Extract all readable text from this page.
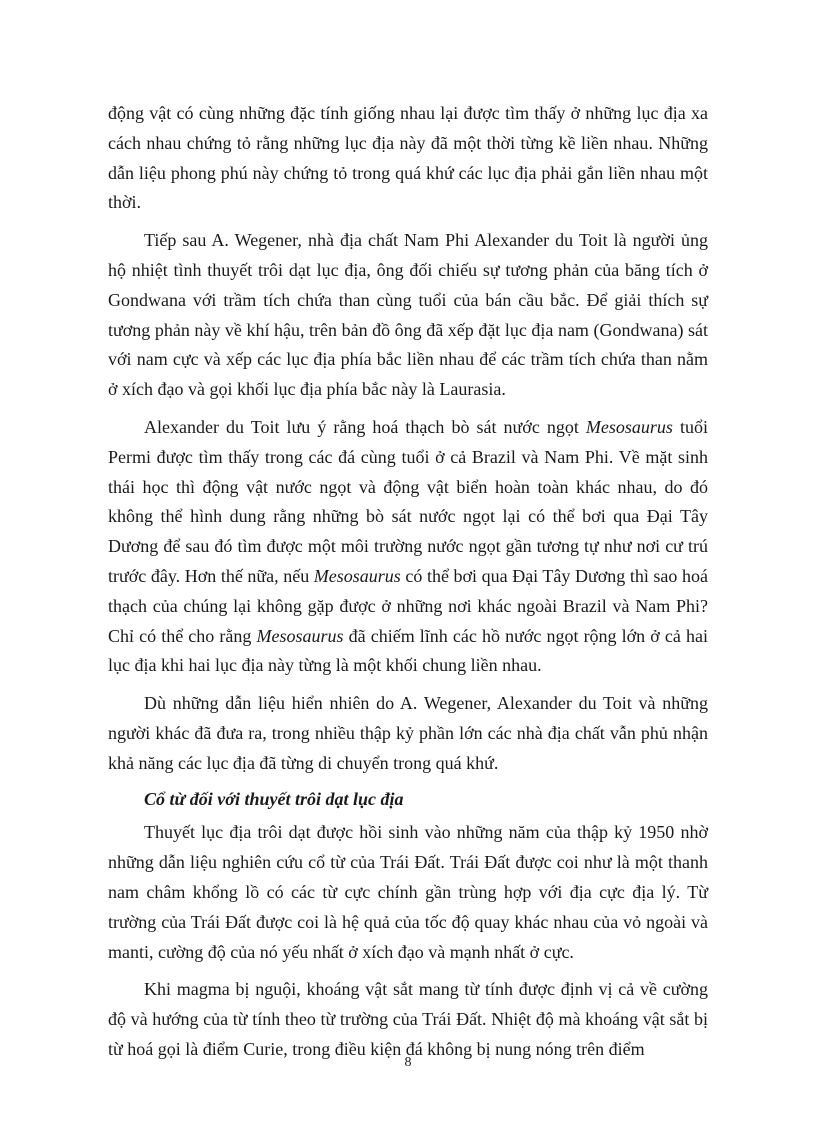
động vật có cùng những đặc tính giống nhau lại được tìm thấy ở những lục địa xa cách nhau chứng tỏ rằng những lục địa này đã một thời từng kề liền nhau. Những dẫn liệu phong phú này chứng tỏ trong quá khứ các lục địa phải gắn liền nhau một thời.

Tiếp sau A. Wegener, nhà địa chất Nam Phi Alexander du Toit là người ủng hộ nhiệt tình thuyết trôi dạt lục địa, ông đối chiếu sự tương phản của băng tích ở Gondwana với trầm tích chứa than cùng tuổi của bán cầu bắc. Để giải thích sự tương phản này về khí hậu, trên bản đồ ông đã xếp đặt lục địa nam (Gondwana) sát với nam cực và xếp các lục địa phía bắc liền nhau để các trầm tích chứa than nằm ở xích đạo và gọi khối lục địa phía bắc này là Laurasia.

Alexander du Toit lưu ý rằng hoá thạch bò sát nước ngọt Mesosaurus tuổi Permi được tìm thấy trong các đá cùng tuổi ở cả Brazil và Nam Phi. Về mặt sinh thái học thì động vật nước ngọt và động vật biển hoàn toàn khác nhau, do đó không thể hình dung rằng những bò sát nước ngọt lại có thể bơi qua Đại Tây Dương để sau đó tìm được một môi trường nước ngọt gần tương tự như nơi cư trú trước đây. Hơn thế nữa, nếu Mesosaurus có thể bơi qua Đại Tây Dương thì sao hoá thạch của chúng lại không gặp được ở những nơi khác ngoài Brazil và Nam Phi? Chỉ có thể cho rằng Mesosaurus đã chiếm lĩnh các hồ nước ngọt rộng lớn ở cả hai lục địa khi hai lục địa này từng là một khối chung liền nhau.

Dù những dẫn liệu hiển nhiên do A. Wegener, Alexander du Toit và những người khác đã đưa ra, trong nhiều thập kỷ phần lớn các nhà địa chất vẫn phủ nhận khả năng các lục địa đã từng di chuyển trong quá khứ.

Cổ từ đối với thuyết trôi dạt lục địa

Thuyết lục địa trôi dạt được hồi sinh vào những năm của thập kỷ 1950 nhờ những dẫn liệu nghiên cứu cổ từ của Trái Đất. Trái Đất được coi như là một thanh nam châm khổng lồ có các từ cực chính gần trùng hợp với địa cực địa lý. Từ trường của Trái Đất được coi là hệ quả của tốc độ quay khác nhau của vỏ ngoài và manti, cường độ của nó yếu nhất ở xích đạo và mạnh nhất ở cực.

Khi magma bị nguội, khoáng vật sắt mang từ tính được định vị cả về cường độ và hướng của từ tính theo từ trường của Trái Đất. Nhiệt độ mà khoáng vật sắt bị từ hoá gọi là điểm Curie, trong điều kiện đá không bị nung nóng trên điểm

8
